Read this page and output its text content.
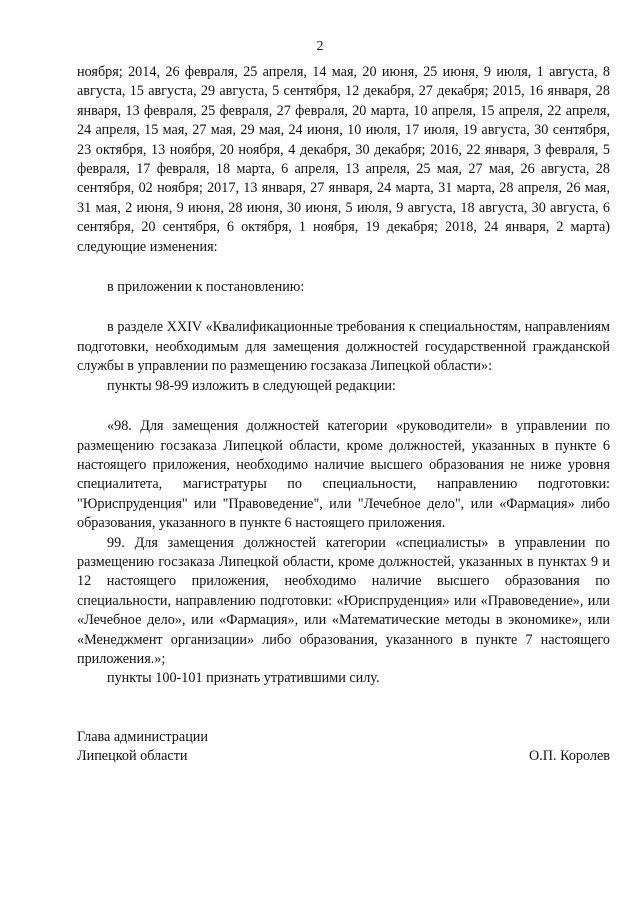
2

ноября; 2014, 26 февраля, 25 апреля, 14 мая, 20 июня, 25 июня, 9 июля, 1 августа, 8 августа, 15 августа, 29 августа, 5 сентября, 12 декабря, 27 декабря; 2015, 16 января, 28 января, 13 февраля, 25 февраля, 27 февраля, 20 марта, 10 апреля, 15 апреля, 22 апреля, 24 апреля, 15 мая, 27 мая, 29 мая, 24 июня, 10 июля, 17 июля, 19 августа, 30 сентября, 23 октября, 13 ноября, 20 ноября, 4 декабря, 30 декабря; 2016, 22 января, 3 февраля, 5 февраля, 17 февраля, 18 марта, 6 апреля, 13 апреля, 25 мая, 27 мая, 26 августа, 28 сентября, 02 ноября; 2017, 13 января, 27 января, 24 марта, 31 марта, 28 апреля, 26 мая, 31 мая, 2 июня, 9 июня, 28 июня, 30 июня, 5 июля, 9 августа, 18 августа, 30 августа, 6 сентября, 20 сентября, 6 октября, 1 ноября, 19 декабря; 2018, 24 января, 2 марта) следующие изменения:

в приложении к постановлению:

в разделе XXIV «Квалификационные требования к специальностям, направлениям подготовки, необходимым для замещения должностей государственной гражданской службы в управлении по размещению госзаказа Липецкой области»:

пункты 98-99 изложить в следующей редакции:

«98. Для замещения должностей категории «руководители» в управлении по размещению госзаказа Липецкой области, кроме должностей, указанных в пункте 6 настоящего приложения, необходимо наличие высшего образования не ниже уровня специалитета, магистратуры по специальности, направлению подготовки: "Юриспруденция" или "Правоведение", или "Лечебное дело", или «Фармация» либо образования, указанного в пункте 6 настоящего приложения.

99. Для замещения должностей категории «специалисты» в управлении по размещению госзаказа Липецкой области, кроме должностей, указанных в пунктах 9 и 12 настоящего приложения, необходимо наличие высшего образования по специальности, направлению подготовки: «Юриспруденция» или «Правоведение», или «Лечебное дело», или «Фармация», или «Математические методы в экономике», или «Менеджмент организации» либо образования, указанного в пункте 7 настоящего приложения.»;

пункты 100-101 признать утратившими силу.

Глава администрации
Липецкой области	О.П. Королев
